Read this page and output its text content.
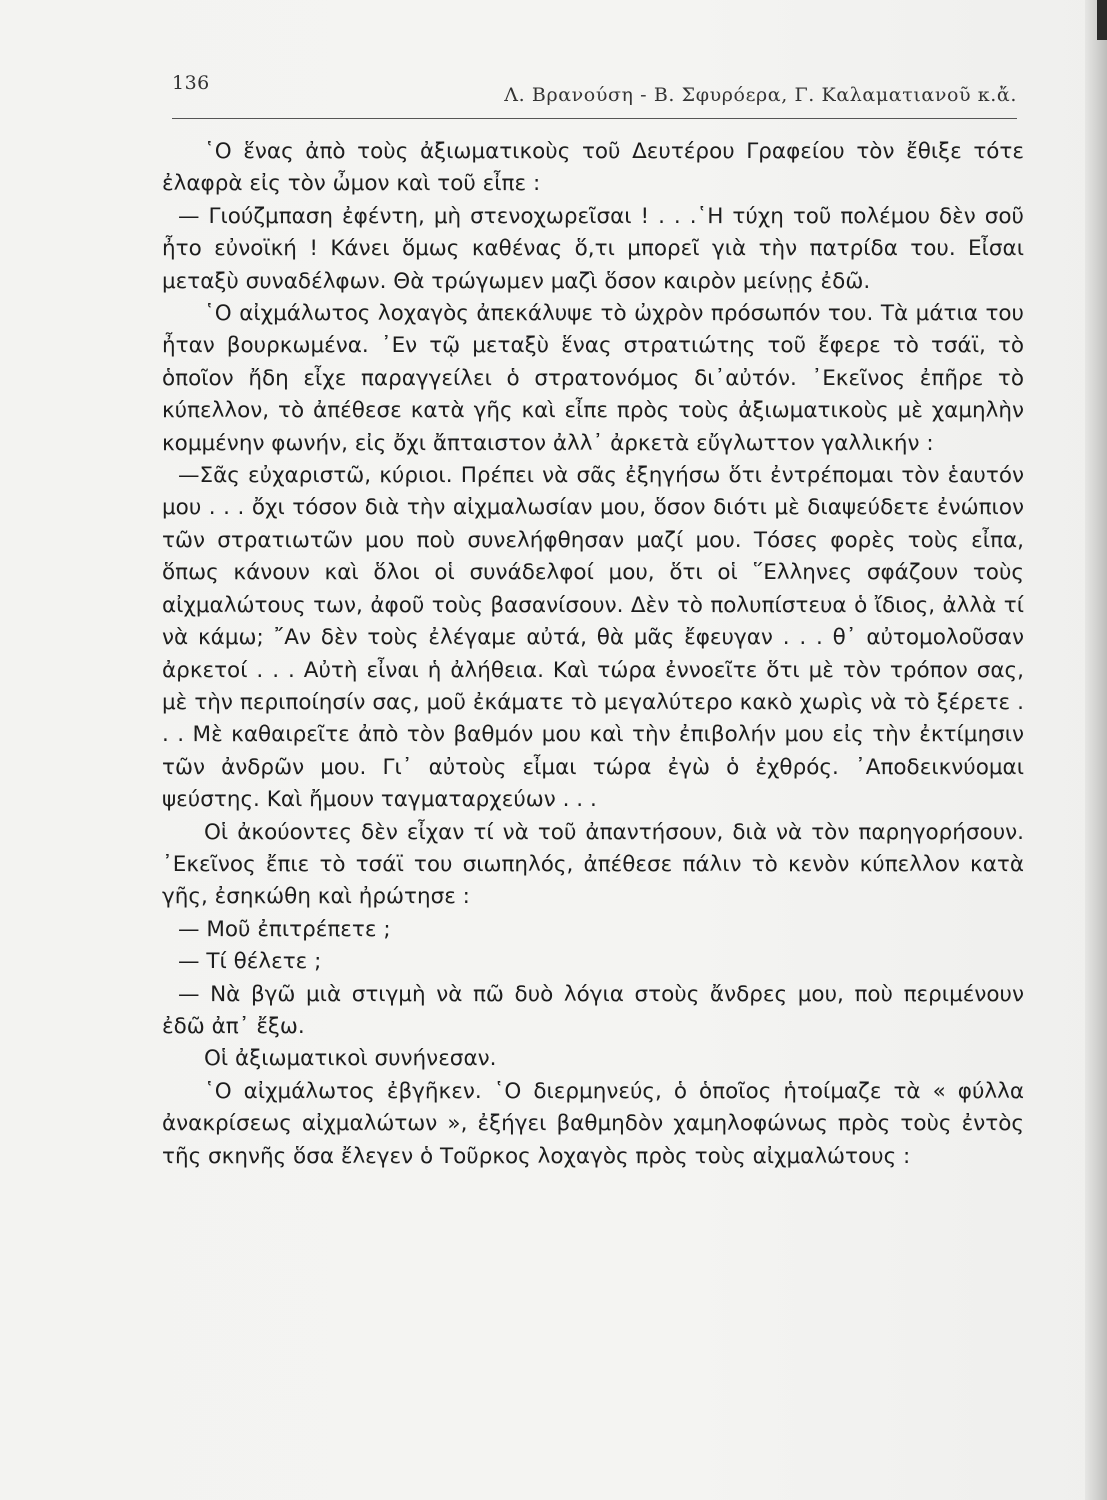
136
Λ. Βρανούση - Β. Σφυρόερα, Γ. Καλαματιανοῦ κ.ἄ.

῾Ο ἕνας ἀπὸ τοὺς ἀξιωματικοὺς τοῦ Δευτέρου Γραφείου τὸν ἔθιξε τότε ἐλαφρὰ εἰς τὸν ὦμον καὶ τοῦ εἶπε :

— Γιούζμπαση ἐφέντη, μὴ στενοχωρεῖσαι ! . . .῾Η τύχη τοῦ πολέμου δὲν σοῦ ἦτο εὐνοϊκή ! Κάνει ὅμως καθένας ὅ,τι μπορεῖ γιὰ τὴν πατρίδα του. Εἶσαι μεταξὺ συναδέλφων. Θὰ τρώγωμεν μαζὶ ὅσον καιρὸν μείνῃς ἐδῶ.

῾Ο αἰχμάλωτος λοχαγὸς ἀπεκάλυψε τὸ ὠχρὸν πρόσωπόν του. Τὰ μάτια του ἦταν βουρκωμένα. ᾿Εν τῷ μεταξὺ ἕνας στρατιώτης τοῦ ἔφερε τὸ τσάϊ, τὸ ὁποῖον ἤδη εἶχε παραγγείλει ὁ στρατονόμος δι᾿αὐτόν. ᾿Εκεῖνος ἐπῆρε τὸ κύπελλον, τὸ ἀπέθεσε κατὰ γῆς καὶ εἶπε πρὸς τοὺς ἀξιωματικοὺς μὲ χαμηλὴν κομμένην φωνήν, εἰς ὄχι ἄπταιστον ἀλλ᾿ ἀρκετὰ εὔγλωττον γαλλικήν :

—Σᾶς εὐχαριστῶ, κύριοι. Πρέπει νὰ σᾶς ἐξηγήσω ὅτι ἐντρέπομαι τὸν ἑαυτόν μου . . . ὄχι τόσον διὰ τὴν αἰχμαλωσίαν μου, ὅσον διότι μὲ διαψεύδετε ἐνώπιον τῶν στρατιωτῶν μου ποὺ συνελήφθησαν μαζί μου. Τόσες φορὲς τοὺς εἶπα, ὅπως κάνουν καὶ ὅλοι οἱ συνάδελφοί μου, ὅτι οἱ ῞Ελληνες σφάζουν τοὺς αἰχμαλώτους των, ἀφοῦ τοὺς βασανίσουν. Δὲν τὸ πολυπίστευα ὁ ἴδιος, ἀλλὰ τί νὰ κάμω; ῎Αν δὲν τοὺς ἐλέγαμε αὐτά, θὰ μᾶς ἔφευγαν . . . θ᾿ αὐτομολοῦσαν ἀρκετοί . . . Αὐτὴ εἶναι ἡ ἀλήθεια. Καὶ τώρα ἐννοεῖτε ὅτι μὲ τὸν τρόπον σας, μὲ τὴν περιποίησίν σας, μοῦ ἐκάματε τὸ μεγαλύτερο κακὸ χωρὶς νὰ τὸ ξέρετε . . . Μὲ καθαιρεῖτε ἀπὸ τὸν βαθμόν μου καὶ τὴν ἐπιβολήν μου εἰς τὴν ἐκτίμησιν τῶν ἀνδρῶν μου. Γι᾿ αὐτοὺς εἶμαι τώρα ἐγὼ ὁ ἐχθρός. ᾿Αποδεικνύομαι ψεύστης. Καὶ ἤμουν ταγματαρχεύων . . .

Οἱ ἀκούοντες δὲν εἶχαν τί νὰ τοῦ ἀπαντήσουν, διὰ νὰ τὸν παρηγορήσουν. ᾿Εκεῖνος ἔπιε τὸ τσάϊ του σιωπηλός, ἀπέθεσε πάλιν τὸ κενὸν κύπελλον κατὰ γῆς, ἐσηκώθη καὶ ἠρώτησε :

— Μοῦ ἐπιτρέπετε ;

— Τί θέλετε ;

— Νὰ βγῶ μιὰ στιγμὴ νὰ πῶ δυὸ λόγια στοὺς ἄνδρες μου, ποὺ περιμένουν ἐδῶ ἀπ᾿ ἔξω.

Οἱ ἀξιωματικοὶ συνήνεσαν.

῾Ο αἰχμάλωτος ἐβγῆκεν. ῾Ο διερμηνεύς, ὁ ὁποῖος ἡτοίμαζε τὰ « φύλλα ἀνακρίσεως αἰχμαλώτων », ἐξήγει βαθμηδὸν χαμηλοφώνως πρὸς τοὺς ἐντὸς τῆς σκηνῆς ὅσα ἔλεγεν ὁ Τοῦρκος λοχαγὸς πρὸς τοὺς αἰχμαλώτους :
